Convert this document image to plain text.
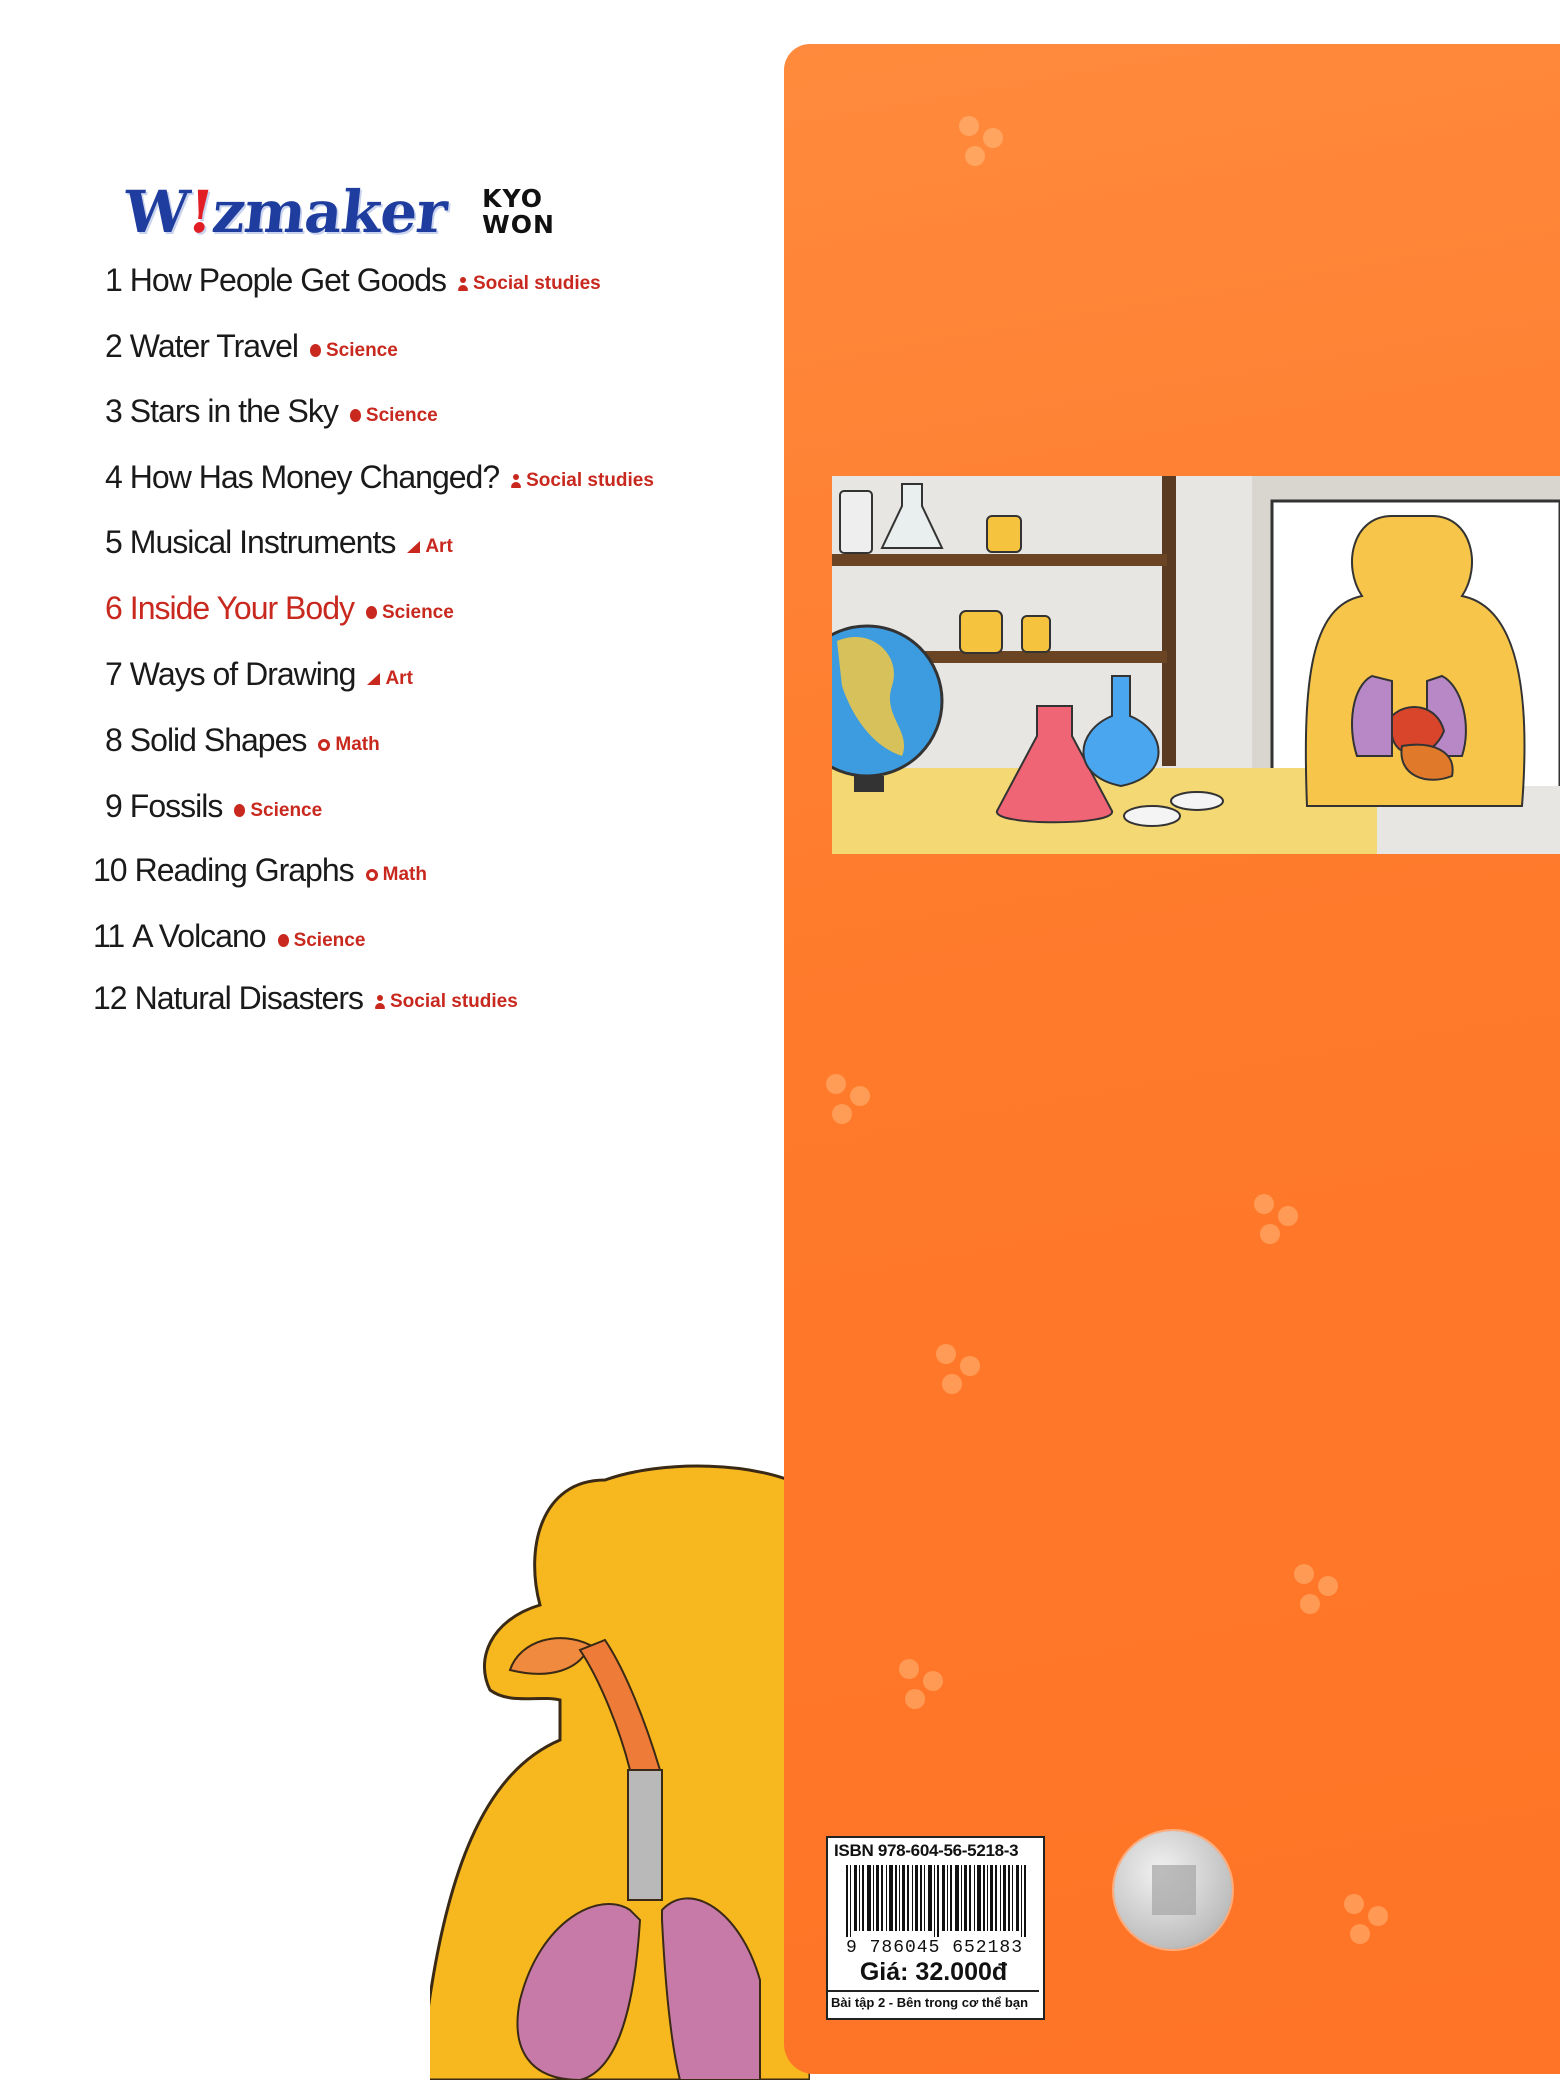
W!zmaker KYO
WON
1 How People Get Goods Social studies
2 Water Travel Science
3 Stars in the Sky Science
4 How Has Money Changed? Social studies
5 Musical Instruments Art
6 Inside Your Body Science
7 Ways of Drawing Art
8 Solid Shapes Math
9 Fossils Science
10 Reading Graphs Math
11 A Volcano Science
12 Natural Disasters Social studies
ISBN 978-604-56-5218-3
9 786045 652183
Giá: 32.000đ
Bài tập 2 - Bên trong cơ thể bạn
